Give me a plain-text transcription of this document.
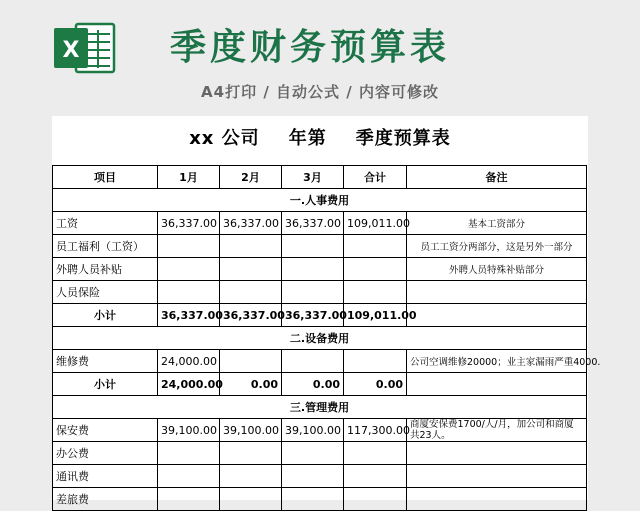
X	季度财务预算表
A4打印 / 自动公式 / 内容可修改
xx 公司    年第    季度预算表
项目	1月	2月	3月	合计	备注
一.人事费用					
工资	36,337.00	36,337.00	36,337.00	109,011.00	基本工资部分
员工福利（工资）					员工工资分两部分，这是另外一部分
外聘人员补贴					外聘人员特殊补贴部分
人员保险					
小计	36,337.00	36,337.00	36,337.00	109,011.00	
二.设备费用					
维修费	24,000.00				公司空调维修20000；业主家漏雨严重4000.
小计	24,000.00	0.00	0.00	0.00	
三.管理费用					
保安费	39,100.00	39,100.00	39,100.00	117,300.00	商厦安保费1700/人/月，加公司和商厦共23人。
办公费					
通讯费					
差旅费					
